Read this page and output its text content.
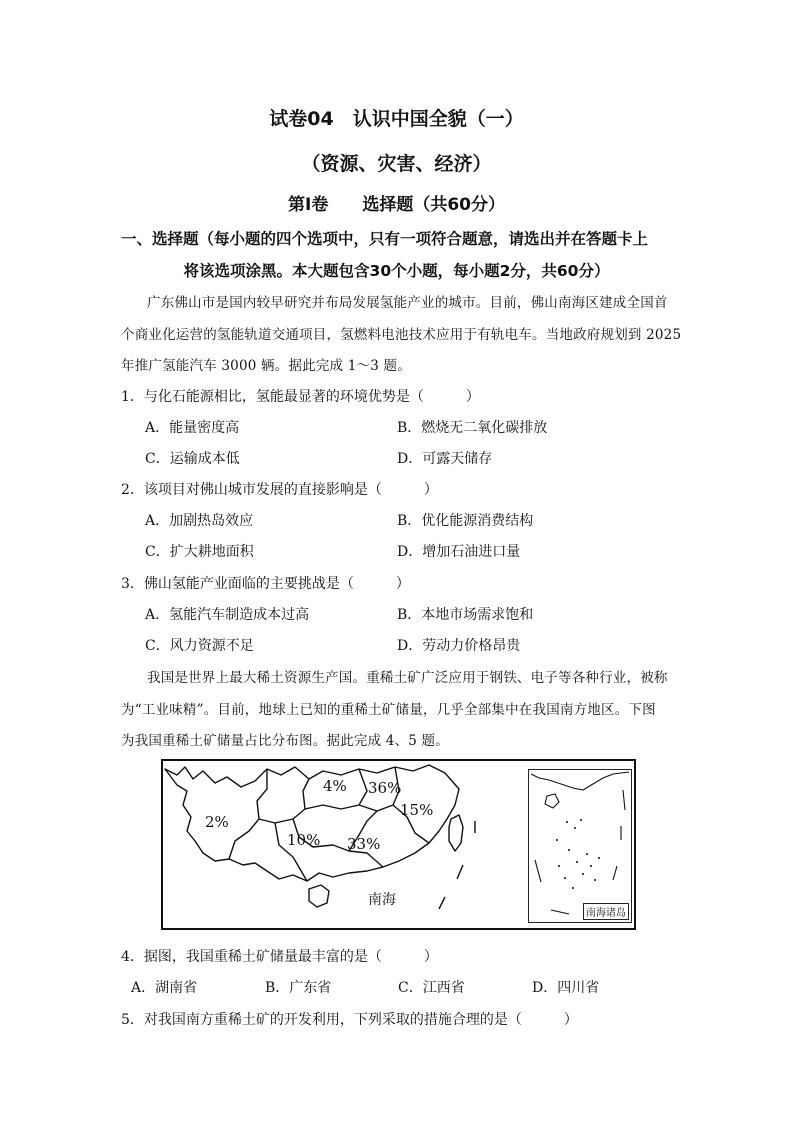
试卷04　认识中国全貌（一）
（资源、灾害、经济）
第Ⅰ卷　　选择题（共60分）
一、选择题（每小题的四个选项中，只有一项符合题意，请选出并在答题卡上
将该选项涂黑。本大题包含30个小题，每小题2分，共60分）
广东佛山市是国内较早研究并布局发展氢能产业的城市。目前，佛山南海区建成全国首
个商业化运营的氢能轨道交通项目，氢燃料电池技术应用于有轨电车。当地政府规划到 2025
年推广氢能汽车 3000 辆。据此完成 1～3 题。
1．与化石能源相比，氢能最显著的环境优势是（　　　）
A．能量密度高	B．燃烧无二氧化碳排放
C．运输成本低	D．可露天储存
2．该项目对佛山城市发展的直接影响是（　　　）
A．加剧热岛效应	B．优化能源消费结构
C．扩大耕地面积	D．增加石油进口量
3．佛山氢能产业面临的主要挑战是（　　　）
A．氢能汽车制造成本过高	B．本地市场需求饱和
C．风力资源不足	D．劳动力价格昂贵
我国是世界上最大稀土资源生产国。重稀土矿广泛应用于钢铁、电子等各种行业，被称
为“工业味精”。目前，地球上已知的重稀土矿储量，几乎全部集中在我国南方地区。下图
为我国重稀土矿储量占比分布图。据此完成 4、5 题。
2%
4% 36%
15%
10% 33%
南海
南海诸岛
4．据图，我国重稀土矿储量最丰富的是（　　　）
A．湖南省	B．广东省	C．江西省	D．四川省
5．对我国南方重稀土矿的开发利用，下列采取的措施合理的是（　　　）
